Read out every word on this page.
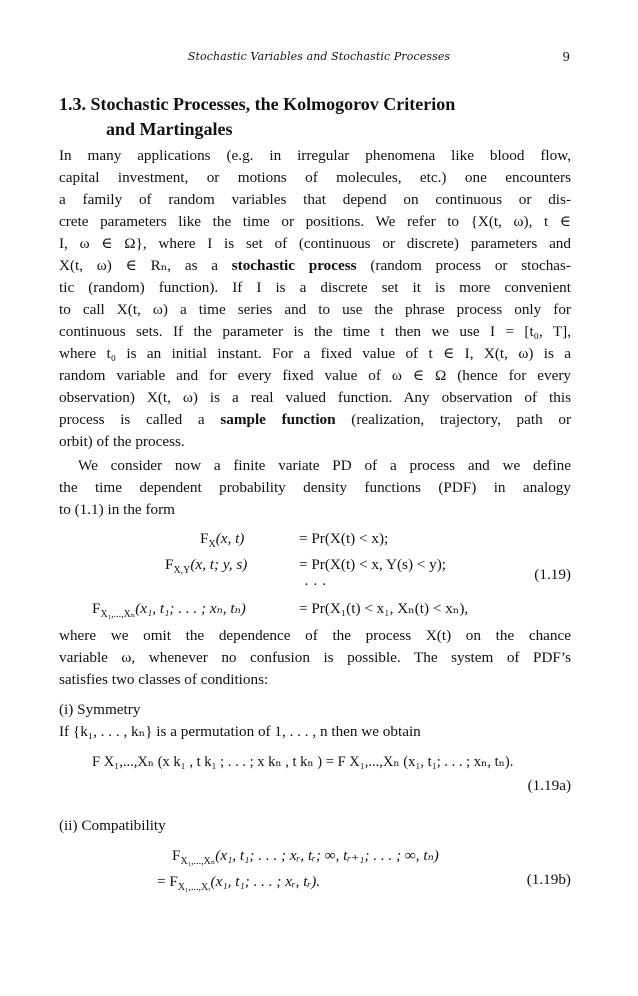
Stochastic Variables and Stochastic Processes	9
1.3. Stochastic Processes, the Kolmogorov Criterion
and Martingales
In many applications (e.g. in irregular phenomena like blood flow,
capital investment, or motions of molecules, etc.) one encounters
a family of random variables that depend on continuous or dis-
crete parameters like the time or positions. We refer to {X(t, ω), t ∈
I, ω ∈ Ω}, where I is set of (continuous or discrete) parameters and
X(t, ω) ∈ Rₙ, as a stochastic process (random process or stochas-
tic (random) function). If I is a discrete set it is more convenient
to call X(t, ω) a time series and to use the phrase process only for
continuous sets. If the parameter is the time t then we use I = [t₀, T],
where t₀ is an initial instant. For a fixed value of t ∈ I, X(t, ω) is a
random variable and for every fixed value of ω ∈ Ω (hence for every
observation) X(t, ω) is a real valued function. Any observation of this
process is called a sample function (realization, trajectory, path or
orbit) of the process.
We consider now a finite variate PD of a process and we define
the time dependent probability density functions (PDF) in analogy
to (1.1) in the form
$F_X(x$, t)	= Pr(X(t) < x);
$F_{X,Y}(x$, t; y, s)	= Pr(X(t) < x, Y(s) < y);
· · ·
(1.19)
$F_{X_1,...,X_n}(x_1$, t₁; . . . ; xₙ, tₙ)	= Pr(X₁(t) < x₁, Xₙ(t) < xₙ),
where we omit the dependence of the process X(t) on the chance
variable ω, whenever no confusion is possible. The system of PDF’s
satisfies two classes of conditions:
(i) Symmetry
If {k₁, . . . , kₙ} is a permutation of 1, . . . , n then we obtain
F X₁,...,Xₙ (x k₁ , t k₁ ; . . . ; x kₙ , t kₙ ) = F X₁,...,Xₙ (x₁, t₁; . . . ; xₙ, tₙ).
(1.19a)
(ii) Compatibility
$F_{X_1,...,X_n}(x_1$, t₁; . . . ; xᵣ, tᵣ; ∞, tᵣ₊₁; . . . ; ∞, tₙ)
= $F_{X_1,...,Xᵣ}(x_1$, t₁; . . . ; xᵣ, tᵣ).	(1.19b)
